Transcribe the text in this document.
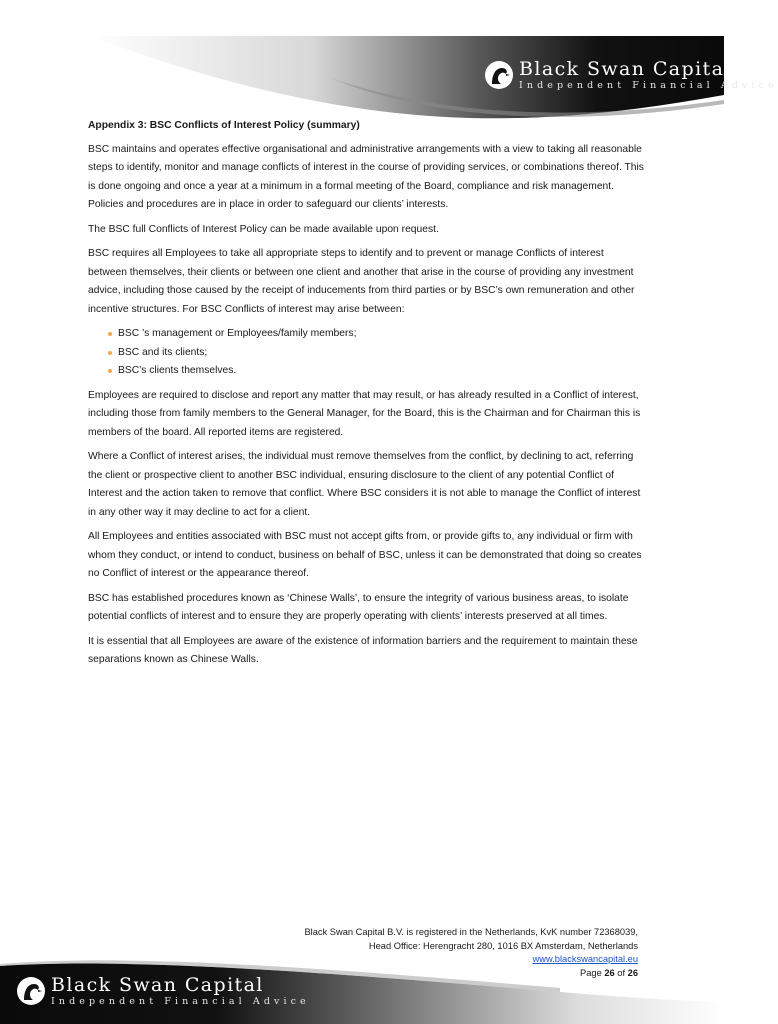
Black Swan Capital
Independent Financial Advice
Appendix 3: BSC Conflicts of Interest Policy (summary)

BSC maintains and operates effective organisational and administrative arrangements with a view to taking all reasonable steps to identify, monitor and manage conflicts of interest in the course of providing services, or combinations thereof. This is done ongoing and once a year at a minimum in a formal meeting of the Board, compliance and risk management. Policies and procedures are in place in order to safeguard our clients’ interests.

The BSC full Conflicts of Interest Policy can be made available upon request.

BSC requires all Employees to take all appropriate steps to identify and to prevent or manage Conflicts of interest between themselves, their clients or between one client and another that arise in the course of providing any investment advice, including those caused by the receipt of inducements from third parties or by BSC’s own remuneration and other incentive structures. For BSC Conflicts of interest may arise between:

BSC ’s management or Employees/family members;
BSC and its clients;
BSC’s clients themselves.

Employees are required to disclose and report any matter that may result, or has already resulted in a Conflict of interest, including those from family members to the General Manager, for the Board, this is the Chairman and for Chairman this is members of the board. All reported items are registered.

Where a Conflict of interest arises, the individual must remove themselves from the conflict, by declining to act, referring the client or prospective client to another BSC individual, ensuring disclosure to the client of any potential Conflict of Interest and the action taken to remove that conflict. Where BSC considers it is not able to manage the Conflict of interest in any other way it may decline to act for a client.

All Employees and entities associated with BSC must not accept gifts from, or provide gifts to, any individual or firm with whom they conduct, or intend to conduct, business on behalf of BSC, unless it can be demonstrated that doing so creates no Conflict of interest or the appearance thereof.

BSC has established procedures known as ‘Chinese Walls’, to ensure the integrity of various business areas, to isolate potential conflicts of interest and to ensure they are properly operating with clients’ interests preserved at all times.

It is essential that all Employees are aware of the existence of information barriers and the requirement to maintain these separations known as Chinese Walls.

Black Swan Capital
Independent Financial Advice
Black Swan Capital B.V. is registered in the Netherlands, KvK number 72368039,
Head Office: Herengracht 280, 1016 BX Amsterdam, Netherlands
www.blackswancapital.eu
Page 26 of 26
